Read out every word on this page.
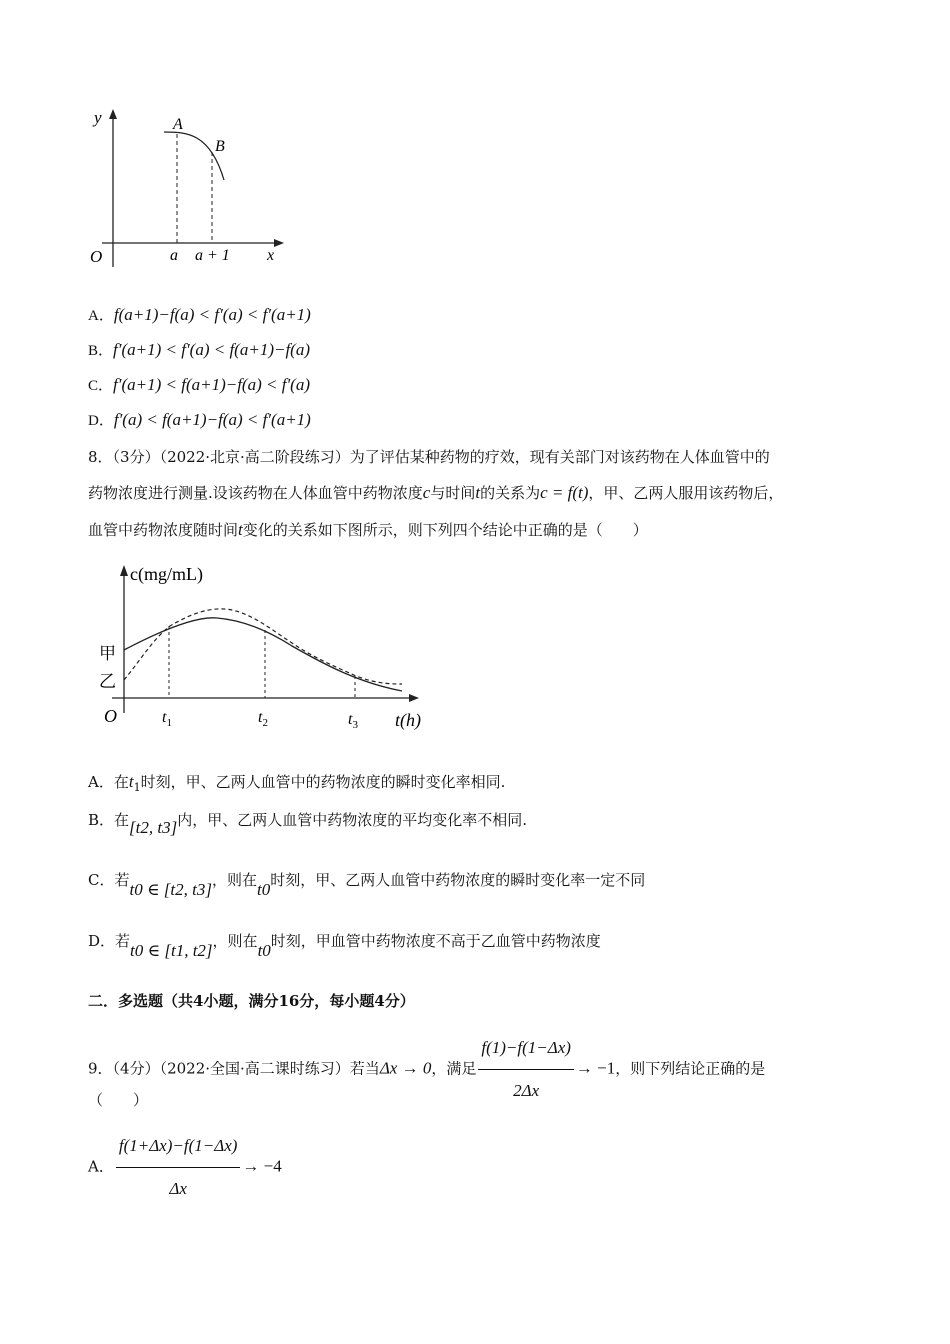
y	A
B
O	a a + 1 x
A．f(a+1)−f(a) < f′(a) < f′(a+1)
B．f′(a+1) < f′(a) < f(a+1)−f(a)
C．f′(a+1) < f(a+1)−f(a) < f′(a)
D．f′(a) < f(a+1)−f(a) < f′(a+1)
8．（3分）（2022·北京·高二阶段练习）为了评估某种药物的疗效，现有关部门对该药物在人体血管中的
药物浓度进行测量.设该药物在人体血管中药物浓度c与时间t的关系为c = f(t)，甲、乙两人服用该药物后，
血管中药物浓度随时间t变化的关系如下图所示，则下列四个结论中正确的是（　　）
c(mg/mL)
甲
乙
O	$t_1$	$t_2$	$t_3$ t(h)
A．在$t_1$时刻，甲、乙两人血管中的药物浓度的瞬时变化率相同.
B．在[t2, t3]内，甲、乙两人血管中药物浓度的平均变化率不相同.
C．若t0 ∈ [t2, t3]，则在t0时刻，甲、乙两人血管中药物浓度的瞬时变化率一定不同
D．若t0 ∈ [t1, t2]，则在t0时刻，甲血管中药物浓度不高于乙血管中药物浓度
二．多选题（共4小题，满分16分，每小题4分）
9．（4分）（2022·全国·高二课时练习）若当Δx → 0，满足 $\frac{f(1)-f(1-\Delta x)}{2\Delta x} \to -1$，则下列结论正确的是
（　　）
A． $\frac{f(1+\Delta x)-f(1-\Delta x)}{\Delta x} \to -4$
